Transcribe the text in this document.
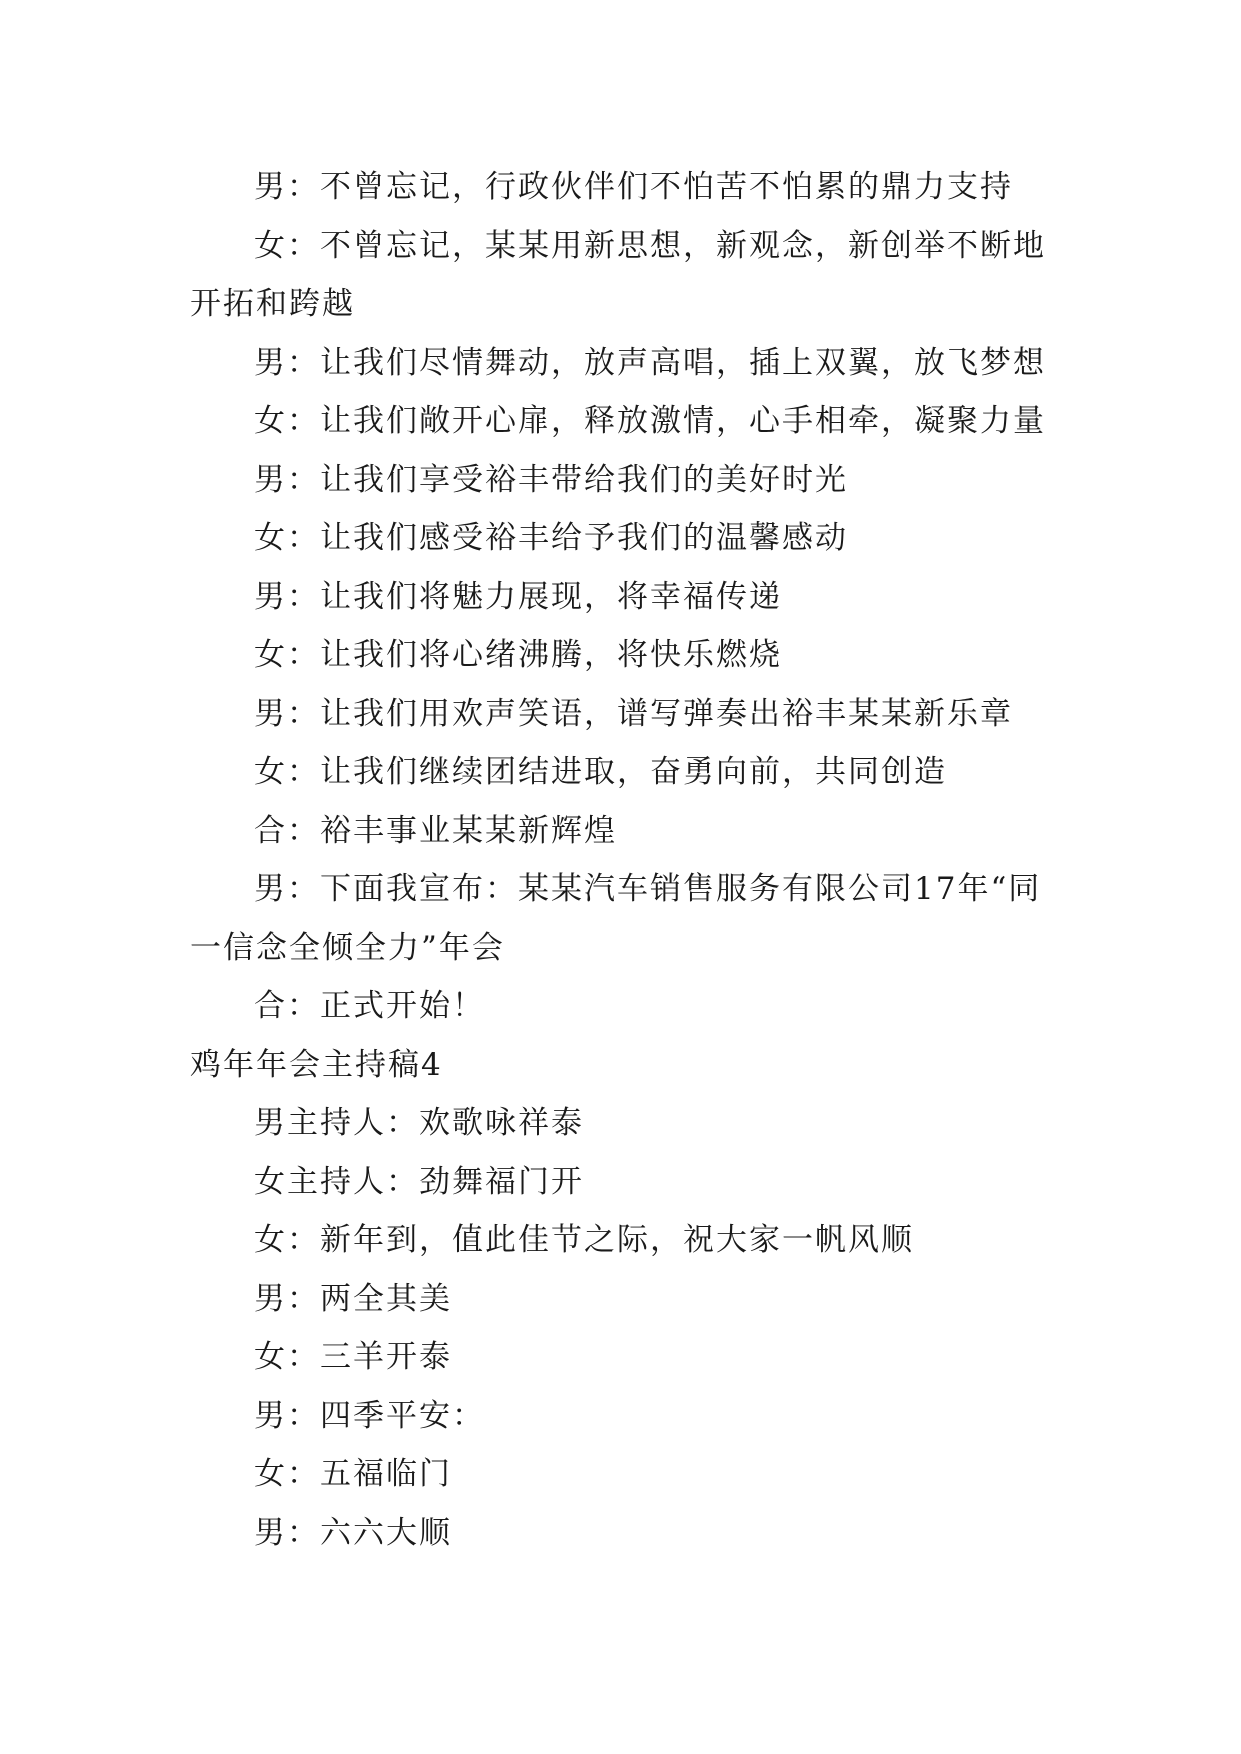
男：不曾忘记，行政伙伴们不怕苦不怕累的鼎力支持

女：不曾忘记，某某用新思想，新观念，新创举不断地开拓和跨越

男：让我们尽情舞动，放声高唱，插上双翼，放飞梦想

女：让我们敞开心扉，释放激情，心手相牵，凝聚力量

男：让我们享受裕丰带给我们的美好时光

女：让我们感受裕丰给予我们的温馨感动

男：让我们将魅力展现，将幸福传递

女：让我们将心绪沸腾，将快乐燃烧

男：让我们用欢声笑语，谱写弹奏出裕丰某某新乐章

女：让我们继续团结进取，奋勇向前，共同创造

合：裕丰事业某某新辉煌

男：下面我宣布：某某汽车销售服务有限公司17年“同一信念全倾全力”年会

合：正式开始！

鸡年年会主持稿4

男主持人：欢歌咏祥泰

女主持人：劲舞福门开

女：新年到，值此佳节之际，祝大家一帆风顺

男：两全其美

女：三羊开泰

男：四季平安：

女：五福临门

男：六六大顺
